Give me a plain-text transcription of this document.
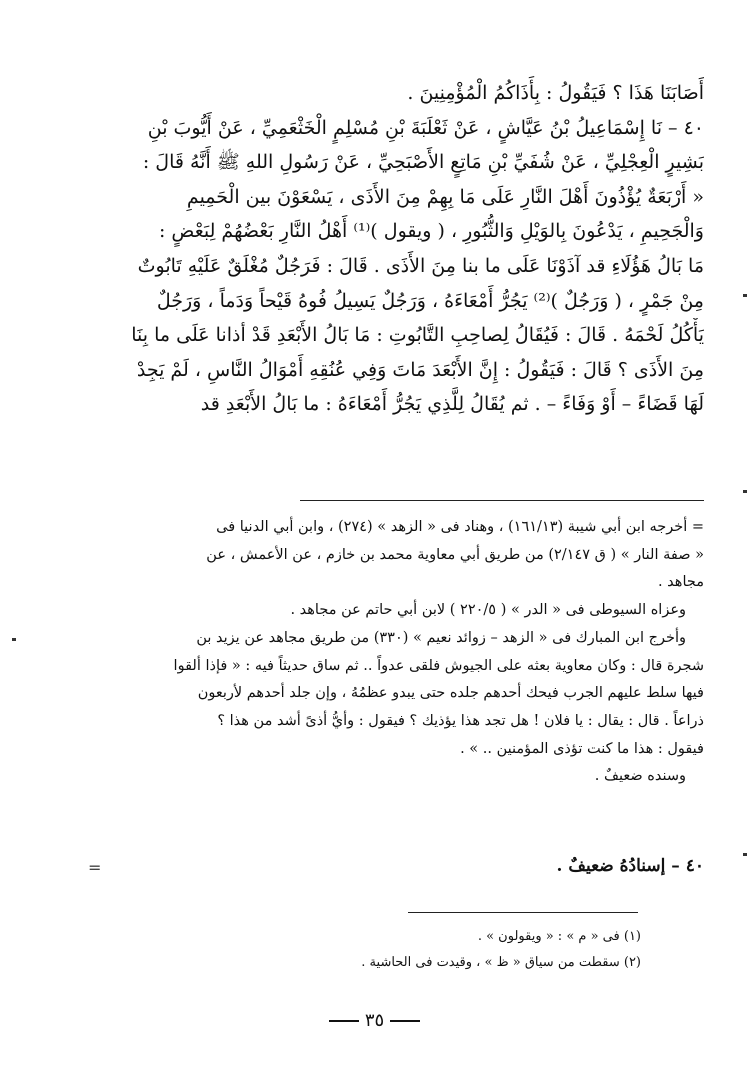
أَصَابَنَا هَذَا ؟ فَيَقُولُ : بِأَذَاكُمُ الْمُؤْمِنِينَ .
٤٠ – نَا إِسْمَاعِيلُ بْنُ عَيَّاشٍ ، عَنْ ثَعْلَبَةَ بْنِ مُسْلِمٍ الْخَثْعَمِيِّ ، عَنْ أَيُّوبَ بْنِ
بَشِيرٍ الْعِجْلِيِّ ، عَنْ شُفَيِّ بْنِ مَاتِعٍ الأَصْبَحِيِّ ، عَنْ رَسُولِ اللهِ ﷺ أَنَّهُ قَالَ :
« أَرْبَعَةٌ يُؤْذُونَ أَهْلَ النَّارِ عَلَى مَا بِهِمْ مِنَ الأَذَى ، يَسْعَوْنَ بين الْحَمِيمِ
وَالْجَحِيمِ ، يَدْعُونَ بِالوَيْلِ وَالثُّبُورِ ، ( ويقول )⁽¹⁾ أَهْلُ النَّارِ بَعْضُهُمْ لِبَعْضٍ :
مَا بَالُ هَؤُلَاءِ قد آذَوْنَا عَلَى ما بنا مِنَ الأَذَى . قَالَ : فَرَجُلٌ مُغْلَقٌ عَلَيْهِ تَابُوتٌ
مِنْ جَمْرٍ ، ( وَرَجُلٌ )⁽²⁾ يَجُرُّ أَمْعَاءَهُ ، وَرَجُلٌ يَسِيلُ فُوهُ قَيْحاً وَدَماً ، وَرَجُلٌ
يَأْكُلُ لَحْمَهُ . قَالَ : فَيُقَالُ لِصاحِبِ التَّابُوتِ : مَا بَالُ الأَبْعَدِ قَدْ أذانا عَلَى ما بِنَا
مِنَ الأَذَى ؟ قَالَ : فَيَقُولُ : إِنَّ الأَبْعَدَ مَاتَ وَفِي عُنُقِهِ أَمْوَالُ النَّاسِ ، لَمْ يَجِدْ
لَهَا قَضَاءً – أَوْ وَفَاءً – . ثم يُقَالُ لِلَّذِي يَجُرُّ أَمْعَاءَهُ : ما بَالُ الأَبْعَدِ قد
= أخرجه ابن أبي شيبة (١٦١/١٣) ، وهناد فى « الزهد » (٢٧٤) ، وابن أبي الدنيا فى
« صفة النار » ( ق ٢/١٤٧) من طريق أبي معاوية محمد بن خازم ، عن الأعمش ، عن
مجاهد .
وعزاه السيوطى فى « الدر » ( ٢٢٠/٥ ) لابن أبي حاتم عن مجاهد .
وأخرج ابن المبارك فى « الزهد – زوائد نعيم » (٣٣٠) من طريق مجاهد عن يزيد بن
شجرة قال : وكان معاوية بعثه على الجيوش فلقى عدواً .. ثم ساق حديثاً فيه : « فإذا ألقوا
فيها سلط عليهم الجرب فيحك أحدهم جلده حتى يبدو عظمُهُ ، وإن جلد أحدهم لأربعون
ذراعاً . قال : يقال : يا فلان ! هل تجد هذا يؤذيك ؟ فيقول : وأيُّ أذىً أشد من هذا ؟
فيقول : هذا ما كنت تؤذى المؤمنين .. » .
وسنده ضعيفٌ .
٤٠ – إسنادُهُ ضعيفٌ .
=
(١) فى « م » : « ويقولون » .
(٢) سقطت من سياق « ظ » ، وقيدت فى الحاشية .
٣٥
